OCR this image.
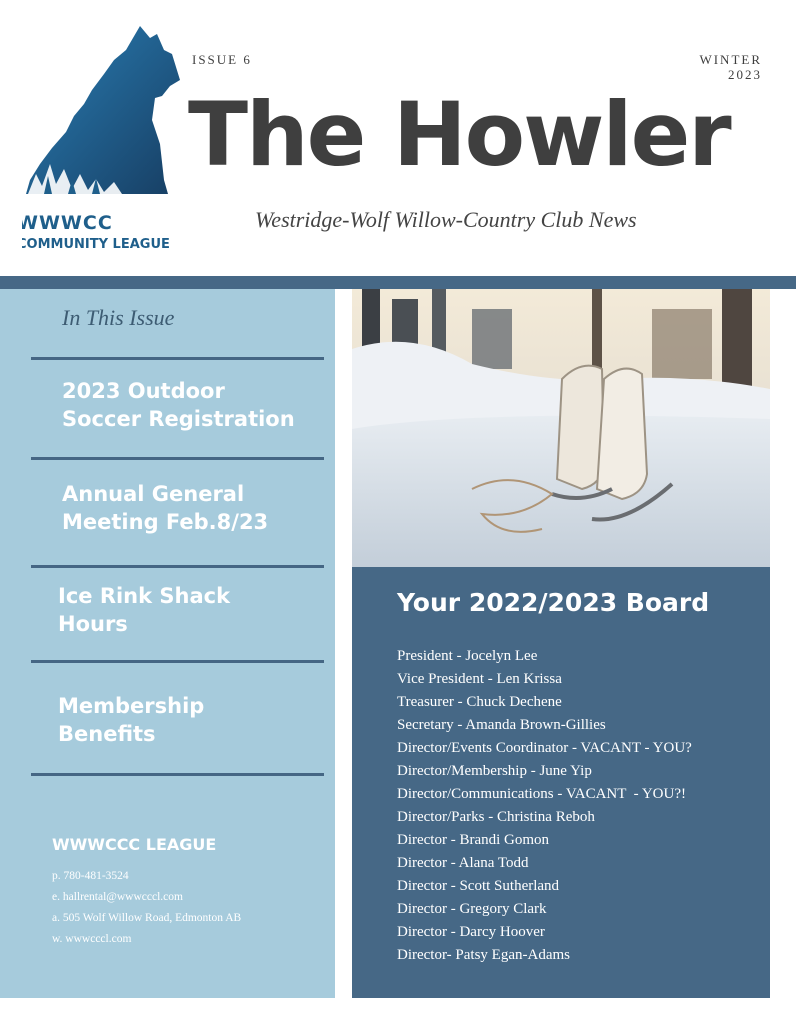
WWWCC
COMMUNITY LEAGUE
ISSUE 6	WINTER
2023
The Howler
Westridge-Wolf Willow-Country Club News
In This Issue
2023 Outdoor
Soccer Registration
Annual General
Meeting Feb.8/23
Ice Rink Shack
Hours
Membership
Benefits
WWWCCC LEAGUE
p. 780-481-3524
e. hallrental@wwwcccl.com
a. 505 Wolf Willow Road, Edmonton AB
w. wwwcccl.com
Your 2022/2023 Board
President - Jocelyn Lee
Vice President - Len Krissa
Treasurer - Chuck Dechene
Secretary - Amanda Brown-Gillies
Director/Events Coordinator - VACANT - YOU?
Director/Membership - June Yip
Director/Communications - VACANT  - YOU?!
Director/Parks - Christina Reboh
Director - Brandi Gomon
Director - Alana Todd
Director - Scott Sutherland
Director - Gregory Clark
Director - Darcy Hoover
Director- Patsy Egan-Adams
